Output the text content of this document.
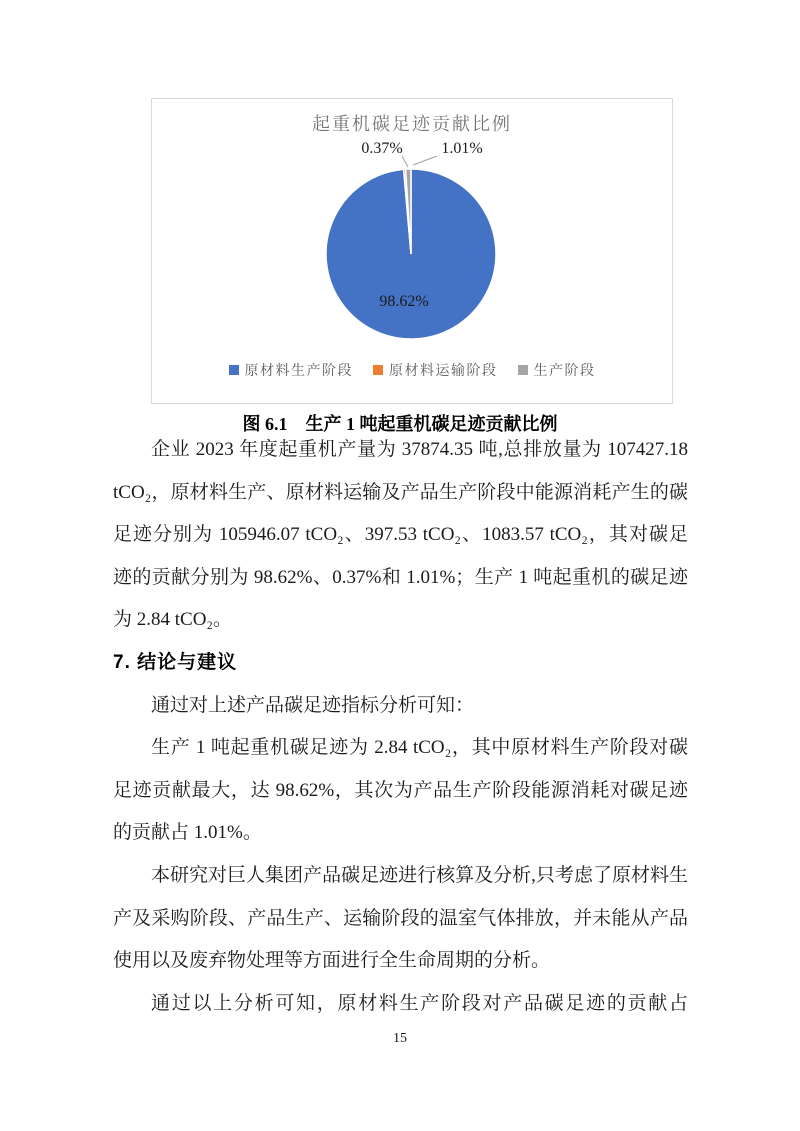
起重机碳足迹贡献比例
0.37%	1.01%
98.62%
原材料生产阶段	原材料运输阶段	生产阶段
图 6.1　生产 1 吨起重机碳足迹贡献比例

企业 2023 年度起重机产量为 37874.35 吨,总排放量为 107427.18 tCO₂，原材料生产、原材料运输及产品生产阶段中能源消耗产生的碳足迹分别为 105946.07 tCO₂、397.53 tCO₂、1083.57 tCO₂，其对碳足迹的贡献分别为 98.62%、0.37%和 1.01%；生产 1 吨起重机的碳足迹为 2.84 tCO₂。

7. 结论与建议

通过对上述产品碳足迹指标分析可知：

生产 1 吨起重机碳足迹为 2.84 tCO₂，其中原材料生产阶段对碳足迹贡献最大，达 98.62%，其次为产品生产阶段能源消耗对碳足迹的贡献占 1.01%。

本研究对巨人集团产品碳足迹进行核算及分析,只考虑了原材料生产及采购阶段、产品生产、运输阶段的温室气体排放，并未能从产品使用以及废弃物处理等方面进行全生命周期的分析。

通过以上分析可知，原材料生产阶段对产品碳足迹的贡献占

15
